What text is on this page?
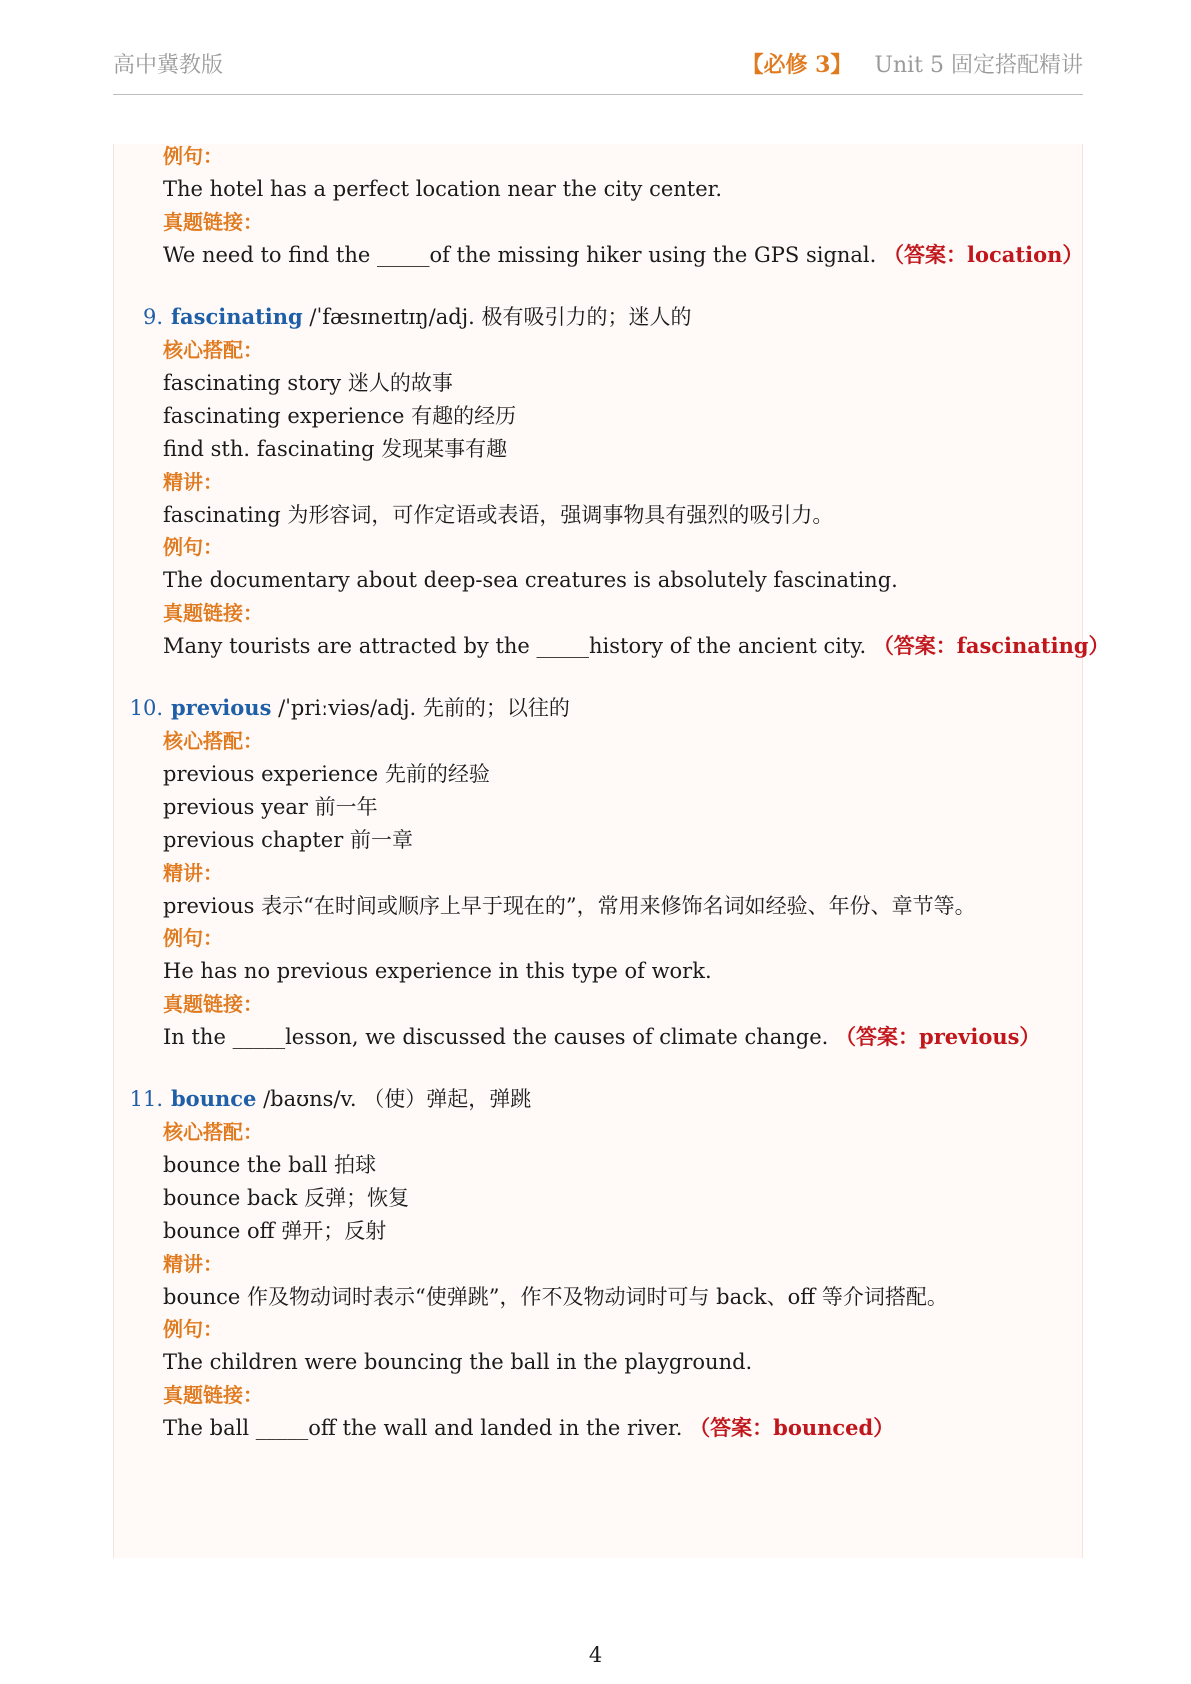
高中冀教版	【必修 3】 Unit 5 固定搭配精讲
例句：
The hotel has a perfect location near the city center.
真题链接：
We need to find the _____of the missing hiker using the GPS signal. （答案：location）
9. fascinating /ˈfæsɪneɪtɪŋ/adj. 极有吸引力的；迷人的
核心搭配：
fascinating story 迷人的故事
fascinating experience 有趣的经历
find sth. fascinating 发现某事有趣
精讲：
fascinating 为形容词，可作定语或表语，强调事物具有强烈的吸引力。
例句：
The documentary about deep-sea creatures is absolutely fascinating.
真题链接：
Many tourists are attracted by the _____history of the ancient city. （答案：fascinating）
10. previous /ˈpriːviəs/adj. 先前的；以往的
核心搭配：
previous experience 先前的经验
previous year 前一年
previous chapter 前一章
精讲：
previous 表示“在时间或顺序上早于现在的”，常用来修饰名词如经验、年份、章节等。
例句：
He has no previous experience in this type of work.
真题链接：
In the _____lesson, we discussed the causes of climate change. （答案：previous）
11. bounce /baʊns/v. （使）弹起，弹跳
核心搭配：
bounce the ball 拍球
bounce back 反弹；恢复
bounce off 弹开；反射
精讲：
bounce 作及物动词时表示“使弹跳”，作不及物动词时可与 back、off 等介词搭配。
例句：
The children were bouncing the ball in the playground.
真题链接：
The ball _____off the wall and landed in the river. （答案：bounced）
4
